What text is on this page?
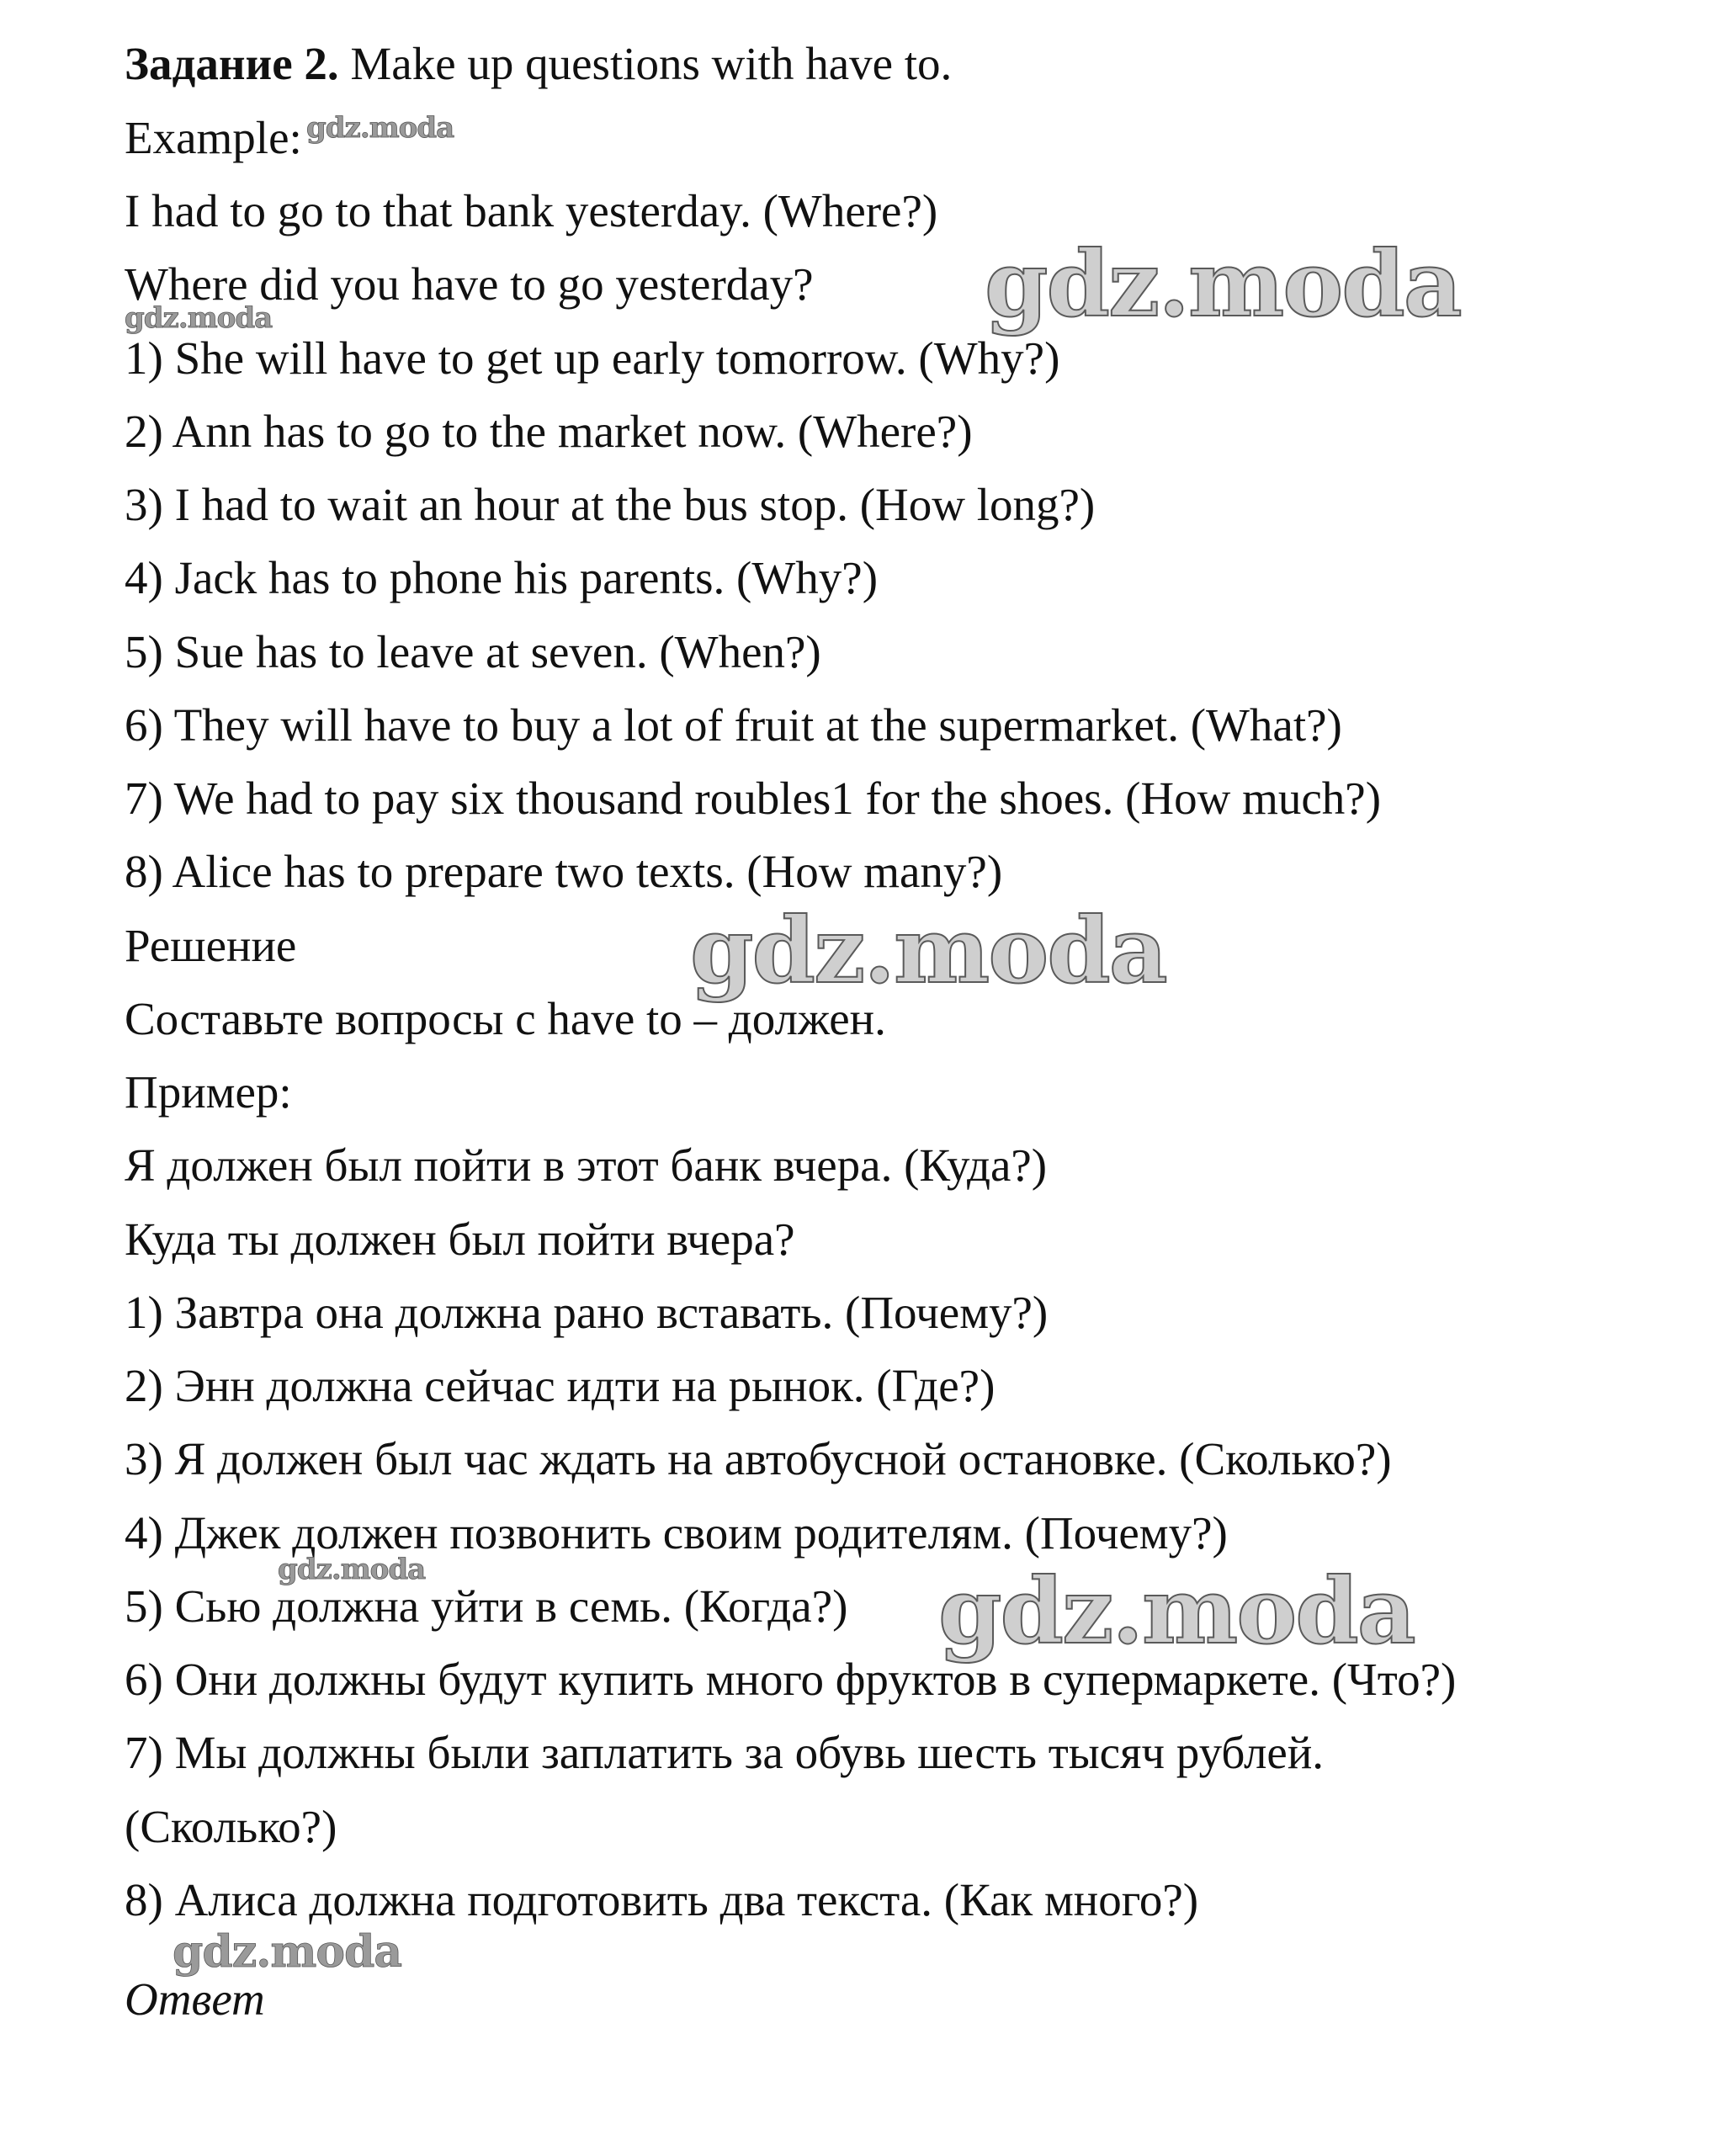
Задание 2. Make up questions with have to.
Example:
I had to go to that bank yesterday. (Where?)
Where did you have to go yesterday?
1) She will have to get up early tomorrow. (Why?)
2) Ann has to go to the market now. (Where?)
3) I had to wait an hour at the bus stop. (How long?)
4) Jack has to phone his parents. (Why?)
5) Sue has to leave at seven. (When?)
6) They will have to buy a lot of fruit at the supermarket. (What?)
7) We had to pay six thousand roubles1 for the shoes. (How much?)
8) Alice has to prepare two texts. (How many?)
Решение
Составьте вопросы с have to – должен.
Пример:
Я должен был пойти в этот банк вчера. (Куда?)
Куда ты должен был пойти вчера?
1) Завтра она должна рано вставать. (Почему?)
2) Энн должна сейчас идти на рынок. (Где?)
3) Я должен был час ждать на автобусной остановке. (Сколько?)
4) Джек должен позвонить своим родителям. (Почему?)
5) Сью должна уйти в семь. (Когда?)
6) Они должны будут купить много фруктов в супермаркете. (Что?)
7) Мы должны были заплатить за обувь шесть тысяч рублей.
(Сколько?)
8) Алиса должна подготовить два текста. (Как много?)
Ответ
gdz.moda
gdz.moda
gdz.moda
gdz.moda
gdz.moda	gdz.moda
gdz.moda
